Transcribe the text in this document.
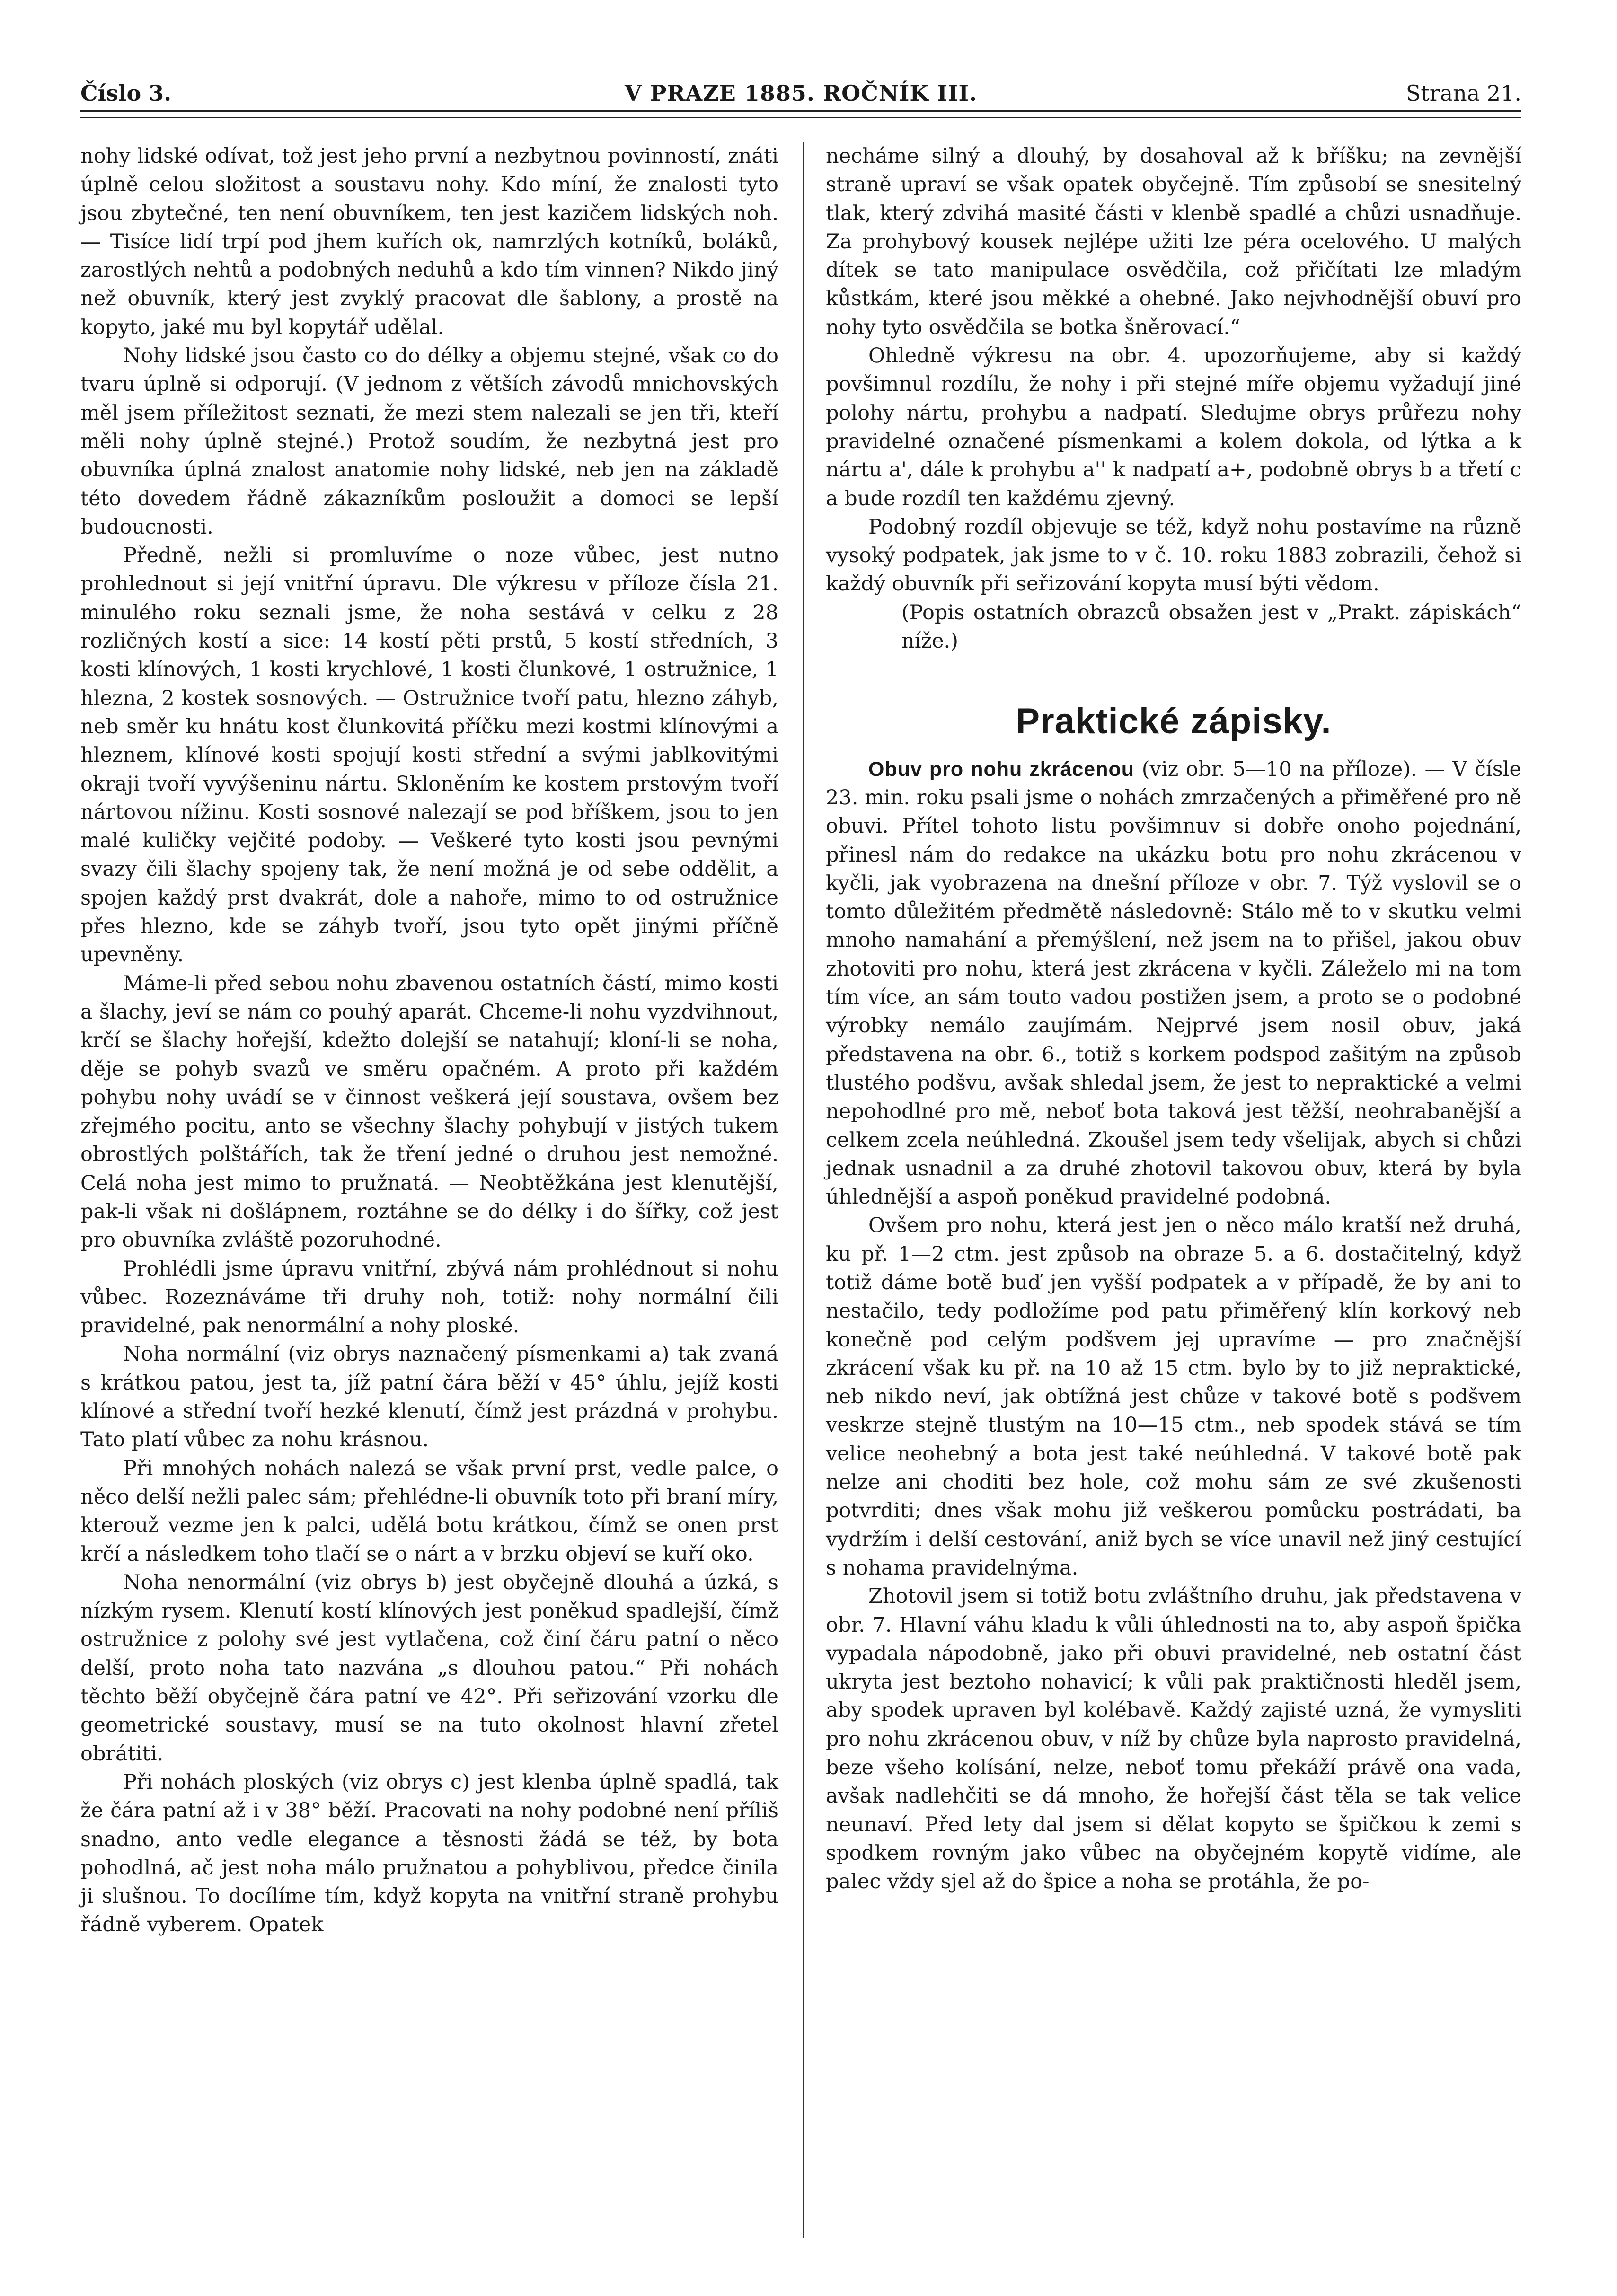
Číslo 3.	V PRAZE 1885. ROČNÍK III.	Strana 21.

nohy lidské odívat, tož jest jeho první a nezbytnou povinností, znáti úplně celou složitost a soustavu nohy. Kdo míní, že znalosti tyto jsou zbytečné, ten není obuvníkem, ten jest kazičem lidských noh. — Tisíce lidí trpí pod jhem kuřích ok, namrzlých kotníků, boláků, zarostlých nehtů a podobných neduhů a kdo tím vinnen? Nikdo jiný než obuvník, který jest zvyklý pracovat dle šablony, a prostě na kopyto, jaké mu byl kopytář udělal.

Nohy lidské jsou často co do délky a objemu stejné, však co do tvaru úplně si odporují. (V jednom z větších závodů mnichovských měl jsem příležitost seznati, že mezi stem nalezali se jen tři, kteří měli nohy úplně stejné.) Protož soudím, že nezbytná jest pro obuvníka úplná znalost anatomie nohy lidské, neb jen na základě této dovedem řádně zákazníkům posloužit a domoci se lepší budoucnosti.

Předně, nežli si promluvíme o noze vůbec, jest nutno prohlednout si její vnitřní úpravu. Dle výkresu v příloze čísla 21. minulého roku seznali jsme, že noha sestává v celku z 28 rozličných kostí a sice: 14 kostí pěti prstů, 5 kostí středních, 3 kosti klínových, 1 kosti krychlové, 1 kosti člunkové, 1 ostružnice, 1 hlezna, 2 kostek sosnových. — Ostružnice tvoří patu, hlezno záhyb, neb směr ku hnátu kost člunkovitá příčku mezi kostmi klínovými a hleznem, klínové kosti spojují kosti střední a svými jablkovitými okraji tvoří vyvýšeninu nártu. Skloněním ke kostem prstovým tvoří nártovou nížinu. Kosti sosnové nalezají se pod bříškem, jsou to jen malé kuličky vejčité podoby. — Veškeré tyto kosti jsou pevnými svazy čili šlachy spojeny tak, že není možná je od sebe oddělit, a spojen každý prst dvakrát, dole a nahoře, mimo to od ostružnice přes hlezno, kde se záhyb tvoří, jsou tyto opět jinými příčně upevněny.

Máme-li před sebou nohu zbavenou ostatních částí, mimo kosti a šlachy, jeví se nám co pouhý aparát. Chceme-li nohu vyzdvihnout, krčí se šlachy hořejší, kdežto dolejší se natahují; kloní-li se noha, děje se pohyb svazů ve směru opačném. A proto při každém pohybu nohy uvádí se v činnost veškerá její soustava, ovšem bez zřejmého pocitu, anto se všechny šlachy pohybují v jistých tukem obrostlých polštářích, tak že tření jedné o druhou jest nemožné. Celá noha jest mimo to pružnatá. — Neobtěžkána jest klenutější, pak-li však ni došlápnem, roztáhne se do délky i do šířky, což jest pro obuvníka zvláště pozoruhodné.

Prohlédli jsme úpravu vnitřní, zbývá nám prohlédnout si nohu vůbec. Rozeznáváme tři druhy noh, totiž: nohy normální čili pravidelné, pak nenormální a nohy ploské.

Noha normální (viz obrys naznačený písmenkami a) tak zvaná s krátkou patou, jest ta, jíž patní čára běží v 45° úhlu, jejíž kosti klínové a střední tvoří hezké klenutí, čímž jest prázdná v prohybu. Tato platí vůbec za nohu krásnou.

Při mnohých nohách nalezá se však první prst, vedle palce, o něco delší nežli palec sám; přehlédne-li obuvník toto při braní míry, kterouž vezme jen k palci, udělá botu krátkou, čímž se onen prst krčí a následkem toho tlačí se o nárt a v brzku objeví se kuří oko.

Noha nenormální (viz obrys b) jest obyčejně dlouhá a úzká, s nízkým rysem. Klenutí kostí klínových jest poněkud spadlejší, čímž ostružnice z polohy své jest vytlačena, což činí čáru patní o něco delší, proto noha tato nazvána „s dlouhou patou.“ Při nohách těchto běží obyčejně čára patní ve 42°. Při seřizování vzorku dle geometrické soustavy, musí se na tuto okolnost hlavní zřetel obrátiti.

Při nohách ploských (viz obrys c) jest klenba úplně spadlá, tak že čára patní až i v 38° běží. Pracovati na nohy podobné není příliš snadno, anto vedle elegance a těsnosti žádá se též, by bota pohodlná, ač jest noha málo pružnatou a pohyblivou, předce činila ji slušnou. To docílíme tím, když kopyta na vnitřní straně prohybu řádně vyberem. Opatek

necháme silný a dlouhý, by dosahoval až k bříšku; na zevnější straně upraví se však opatek obyčejně. Tím způsobí se snesitelný tlak, který zdvihá masité části v klenbě spadlé a chůzi usnadňuje. Za prohybový kousek nejlépe užiti lze péra ocelového. U malých dítek se tato manipulace osvědčila, což přičítati lze mladým kůstkám, které jsou měkké a ohebné. Jako nejvhodnější obuví pro nohy tyto osvědčila se botka šněrovací.“

Ohledně výkresu na obr. 4. upozorňujeme, aby si každý povšimnul rozdílu, že nohy i při stejné míře objemu vyžadují jiné polohy nártu, prohybu a nadpatí. Sledujme obrys průřezu nohy pravidelné označené písmenkami a kolem dokola, od lýtka a k nártu a', dále k prohybu a'' k nadpatí a+, podobně obrys b a třetí c a bude rozdíl ten každému zjevný.

Podobný rozdíl objevuje se též, když nohu postavíme na různě vysoký podpatek, jak jsme to v č. 10. roku 1883 zobrazili, čehož si každý obuvník při seřizování kopyta musí býti vědom.

(Popis ostatních obrazců obsažen jest v „Prakt. zápiskách“ níže.)

Praktické zápisky.

Obuv pro nohu zkrácenou (viz obr. 5—10 na příloze). — V čísle 23. min. roku psali jsme o nohách zmrzačených a přiměřené pro ně obuvi. Přítel tohoto listu povšimnuv si dobře onoho pojednání, přinesl nám do redakce na ukázku botu pro nohu zkrácenou v kyčli, jak vyobrazena na dnešní příloze v obr. 7. Týž vyslovil se o tomto důležitém předmětě následovně: Stálo mě to v skutku velmi mnoho namahání a přemýšlení, než jsem na to přišel, jakou obuv zhotoviti pro nohu, která jest zkrácena v kyčli. Záleželo mi na tom tím více, an sám touto vadou postižen jsem, a proto se o podobné výrobky nemálo zaujímám. Nejprvé jsem nosil obuv, jaká představena na obr. 6., totiž s korkem podspod zašitým na způsob tlustého podšvu, avšak shledal jsem, že jest to nepraktické a velmi nepohodlné pro mě, neboť bota taková jest těžší, neohrabanější a celkem zcela neúhledná. Zkoušel jsem tedy všelijak, abych si chůzi jednak usnadnil a za druhé zhotovil takovou obuv, která by byla úhlednější a aspoň poněkud pravidelné podobná.

Ovšem pro nohu, která jest jen o něco málo kratší než druhá, ku př. 1—2 ctm. jest způsob na obraze 5. a 6. dostačitelný, když totiž dáme botě buď jen vyšší podpatek a v případě, že by ani to nestačilo, tedy podložíme pod patu přiměřený klín korkový neb konečně pod celým podšvem jej upravíme — pro značnější zkrácení však ku př. na 10 až 15 ctm. bylo by to již nepraktické, neb nikdo neví, jak obtížná jest chůze v takové botě s podšvem veskrze stejně tlustým na 10—15 ctm., neb spodek stává se tím velice neohebný a bota jest také neúhledná. V takové botě pak nelze ani choditi bez hole, což mohu sám ze své zkušenosti potvrditi; dnes však mohu již veškerou pomůcku postrádati, ba vydržím i delší cestování, aniž bych se více unavil než jiný cestující s nohama pravidelnýma.

Zhotovil jsem si totiž botu zvláštního druhu, jak představena v obr. 7. Hlavní váhu kladu k vůli úhlednosti na to, aby aspoň špička vypadala nápodobně, jako při obuvi pravidelné, neb ostatní část ukryta jest beztoho nohavicí; k vůli pak praktičnosti hleděl jsem, aby spodek upraven byl kolébavě. Každý zajisté uzná, že vymysliti pro nohu zkrácenou obuv, v níž by chůze byla naprosto pravidelná, beze všeho kolísání, nelze, neboť tomu překáží právě ona vada, avšak nadlehčiti se dá mnoho, že hořejší část těla se tak velice neunaví. Před lety dal jsem si dělat kopyto se špičkou k zemi s spodkem rovným jako vůbec na obyčejném kopytě vidíme, ale palec vždy sjel až do špice a noha se protáhla, že po-
